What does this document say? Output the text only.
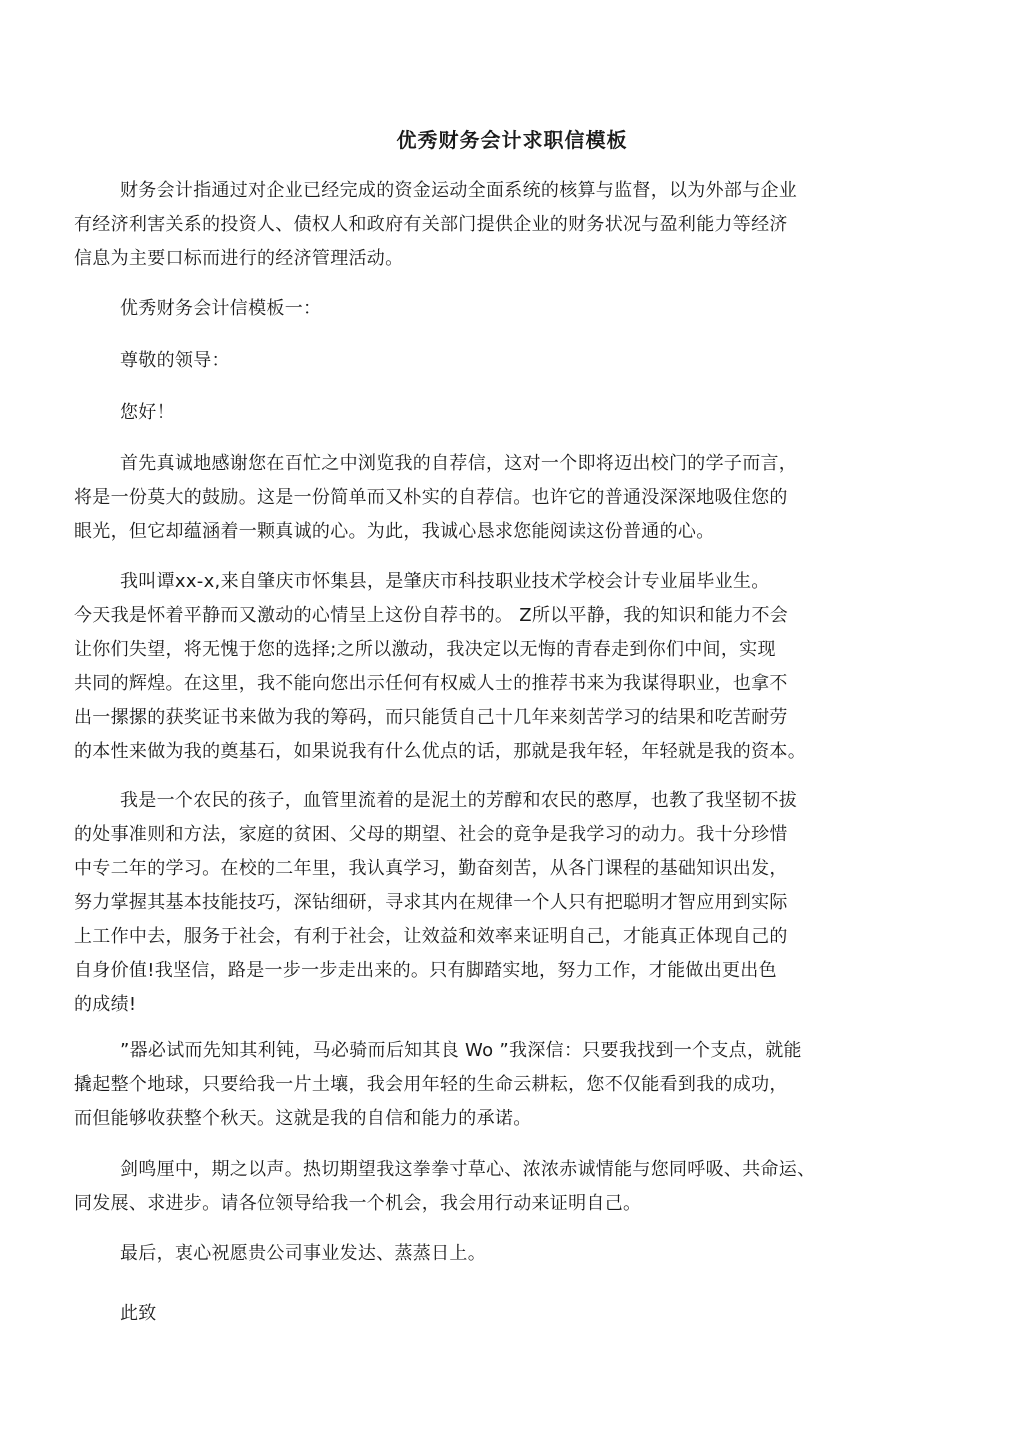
优秀财务会计求职信模板
财务会计指通过对企业已经完成的资金运动全面系统的核算与监督，以为外部与企业
有经济利害关系的投资人、债权人和政府有关部门提供企业的财务状况与盈利能力等经济
信息为主要口标而进行的经济管理活动。
优秀财务会计信模板一：
尊敬的领导：
您好！
首先真诚地感谢您在百忙之中浏览我的自荐信，这对一个即将迈出校门的学子而言，
将是一份莫大的鼓励。这是一份简单而又朴实的自荐信。也许它的普通没深深地吸住您的
眼光，但它却蕴涵着一颗真诚的心。为此，我诚心恳求您能阅读这份普通的心。
我叫谭xx-x,来自肇庆市怀集县，是肇庆市科技职业技术学校会计专业届毕业生。
今天我是怀着平静而又激动的心情呈上这份自荐书的。 Z所以平静，我的知识和能力不会
让你们失望，将无愧于您的选择;之所以激动，我决定以无悔的青春走到你们中间，实现
共同的辉煌。在这里，我不能向您出示任何有权威人士的推荐书来为我谋得职业，也拿不
出一摞摞的获奖证书来做为我的筹码，而只能赁自己十几年来刻苦学习的结果和吃苦耐劳
的本性来做为我的奠基石，如果说我有什么优点的话，那就是我年轻，年轻就是我的资本。
我是一个农民的孩子，血管里流着的是泥土的芳醇和农民的憨厚，也教了我坚韧不拔
的处事准则和方法，家庭的贫困、父母的期望、社会的竟争是我学习的动力。我十分珍惜
中专二年的学习。在校的二年里，我认真学习，勤奋刻苦，从各门课程的基础知识出发，
努力掌握其基本技能技巧，深钻细研，寻求其内在规律一个人只有把聪明才智应用到实际
上工作中去，服务于社会，有利于社会，让效益和效率来证明自己，才能真正体现自己的
自身价值!我坚信，路是一步一步走出来的。只有脚踏实地，努力工作，才能做出更出色
的成绩!
”器必试而先知其利钝，马必骑而后知其良 Wo ”我深信：只要我找到一个支点，就能
撬起整个地球，只要给我一片土壤，我会用年轻的生命云耕耘，您不仅能看到我的成功，
而但能够收获整个秋天。这就是我的自信和能力的承诺。
剑鸣厘中，期之以声。热切期望我这拳拳寸草心、浓浓赤诚情能与您同呼吸、共命运、
同发展、求进步。请各位领导给我一个机会，我会用行动来证明自己。
最后，衷心祝愿贵公司事业发达、蒸蒸日上。
此致
